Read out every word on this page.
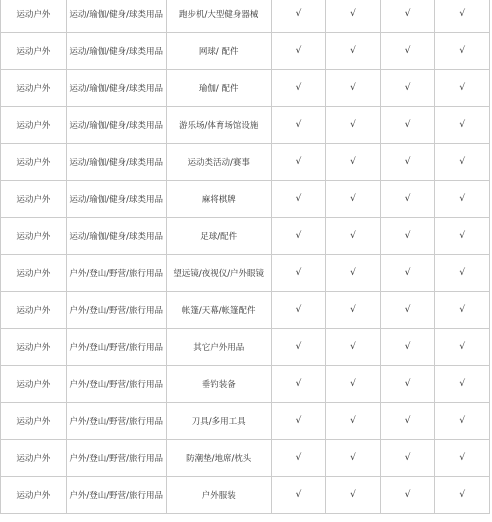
运动户外	运动/瑜伽/健身/球类用品	跑步机/大型健身器械	√	√	√	√
运动户外	运动/瑜伽/健身/球类用品	网球/ 配件	√	√	√	√
运动户外	运动/瑜伽/健身/球类用品	瑜伽/ 配件	√	√	√	√
运动户外	运动/瑜伽/健身/球类用品	游乐场/体育场馆设施	√	√	√	√
运动户外	运动/瑜伽/健身/球类用品	运动类活动/赛事	√	√	√	√
运动户外	运动/瑜伽/健身/球类用品	麻将棋牌	√	√	√	√
运动户外	运动/瑜伽/健身/球类用品	足球/配件	√	√	√	√
运动户外	户外/登山/野营/旅行用品	望远镜/夜视仪/户外眼镜	√	√	√	√
运动户外	户外/登山/野营/旅行用品	帐篷/天幕/帐篷配件	√	√	√	√
运动户外	户外/登山/野营/旅行用品	其它户外用品	√	√	√	√
运动户外	户外/登山/野营/旅行用品	垂钓装备	√	√	√	√
运动户外	户外/登山/野营/旅行用品	刀具/多用工具	√	√	√	√
运动户外	户外/登山/野营/旅行用品	防潮垫/地席/枕头	√	√	√	√
运动户外	户外/登山/野营/旅行用品	户外服装	√	√	√	√
